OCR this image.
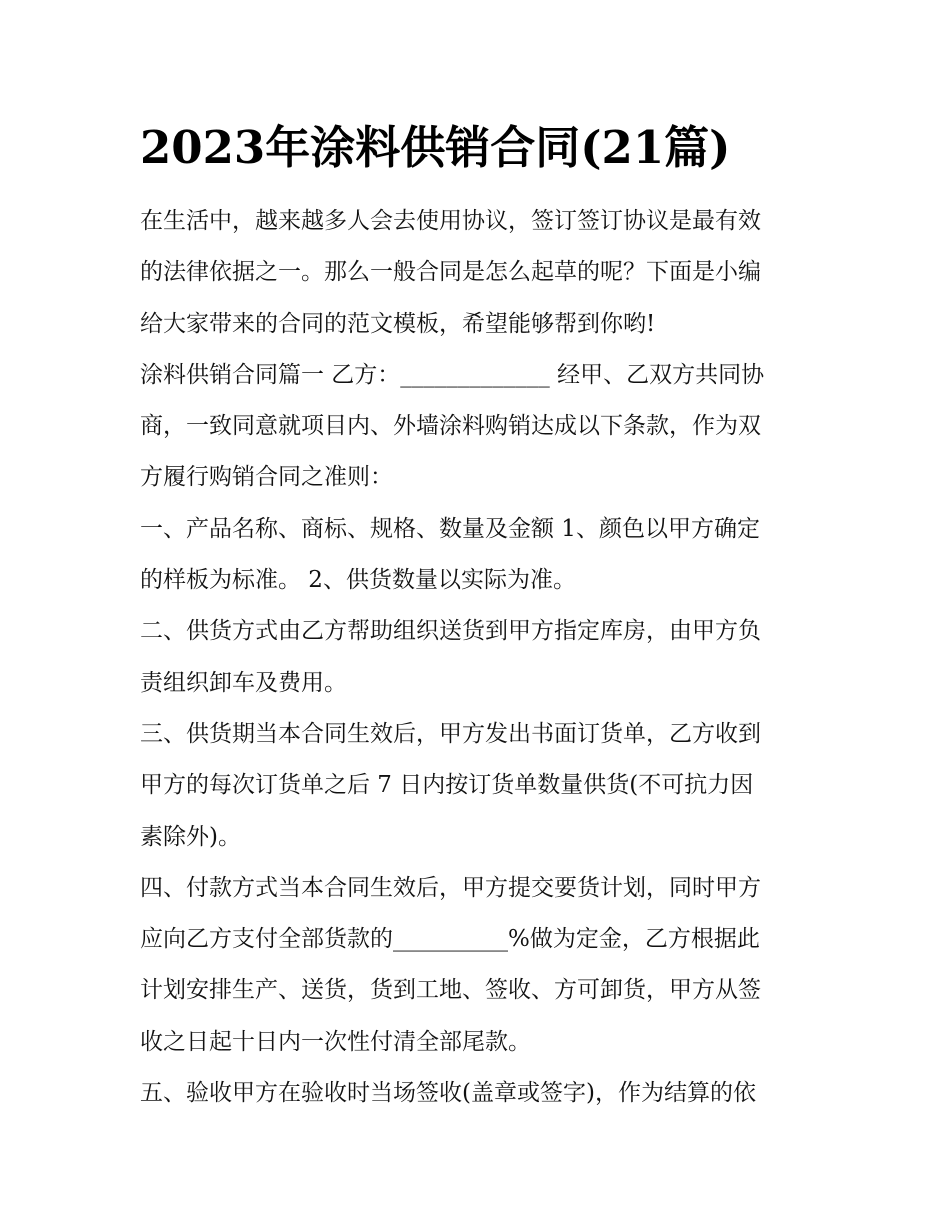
2023年涂料供销合同(21篇)
在生活中，越来越多人会去使用协议，签订签订协议是最有效
的法律依据之一。那么一般合同是怎么起草的呢？下面是小编
给大家带来的合同的范文模板，希望能够帮到你哟!
涂料供销合同篇一 乙方：_____________ 经甲、乙双方共同协
商，一致同意就项目内、外墙涂料购销达成以下条款，作为双
方履行购销合同之准则：
一、产品名称、商标、规格、数量及金额 1、颜色以甲方确定
的样板为标准。 2、供货数量以实际为准。
二、供货方式由乙方帮助组织送货到甲方指定库房，由甲方负
责组织卸车及费用。
三、供货期当本合同生效后，甲方发出书面订货单，乙方收到
甲方的每次订货单之后 7 日内按订货单数量供货(不可抗力因
素除外)。
四、付款方式当本合同生效后，甲方提交要货计划，同时甲方
应向乙方支付全部货款的__________%做为定金，乙方根据此
计划安排生产、送货，货到工地、签收、方可卸货，甲方从签
收之日起十日内一次性付清全部尾款。
五、验收甲方在验收时当场签收(盖章或签字)，作为结算的依
